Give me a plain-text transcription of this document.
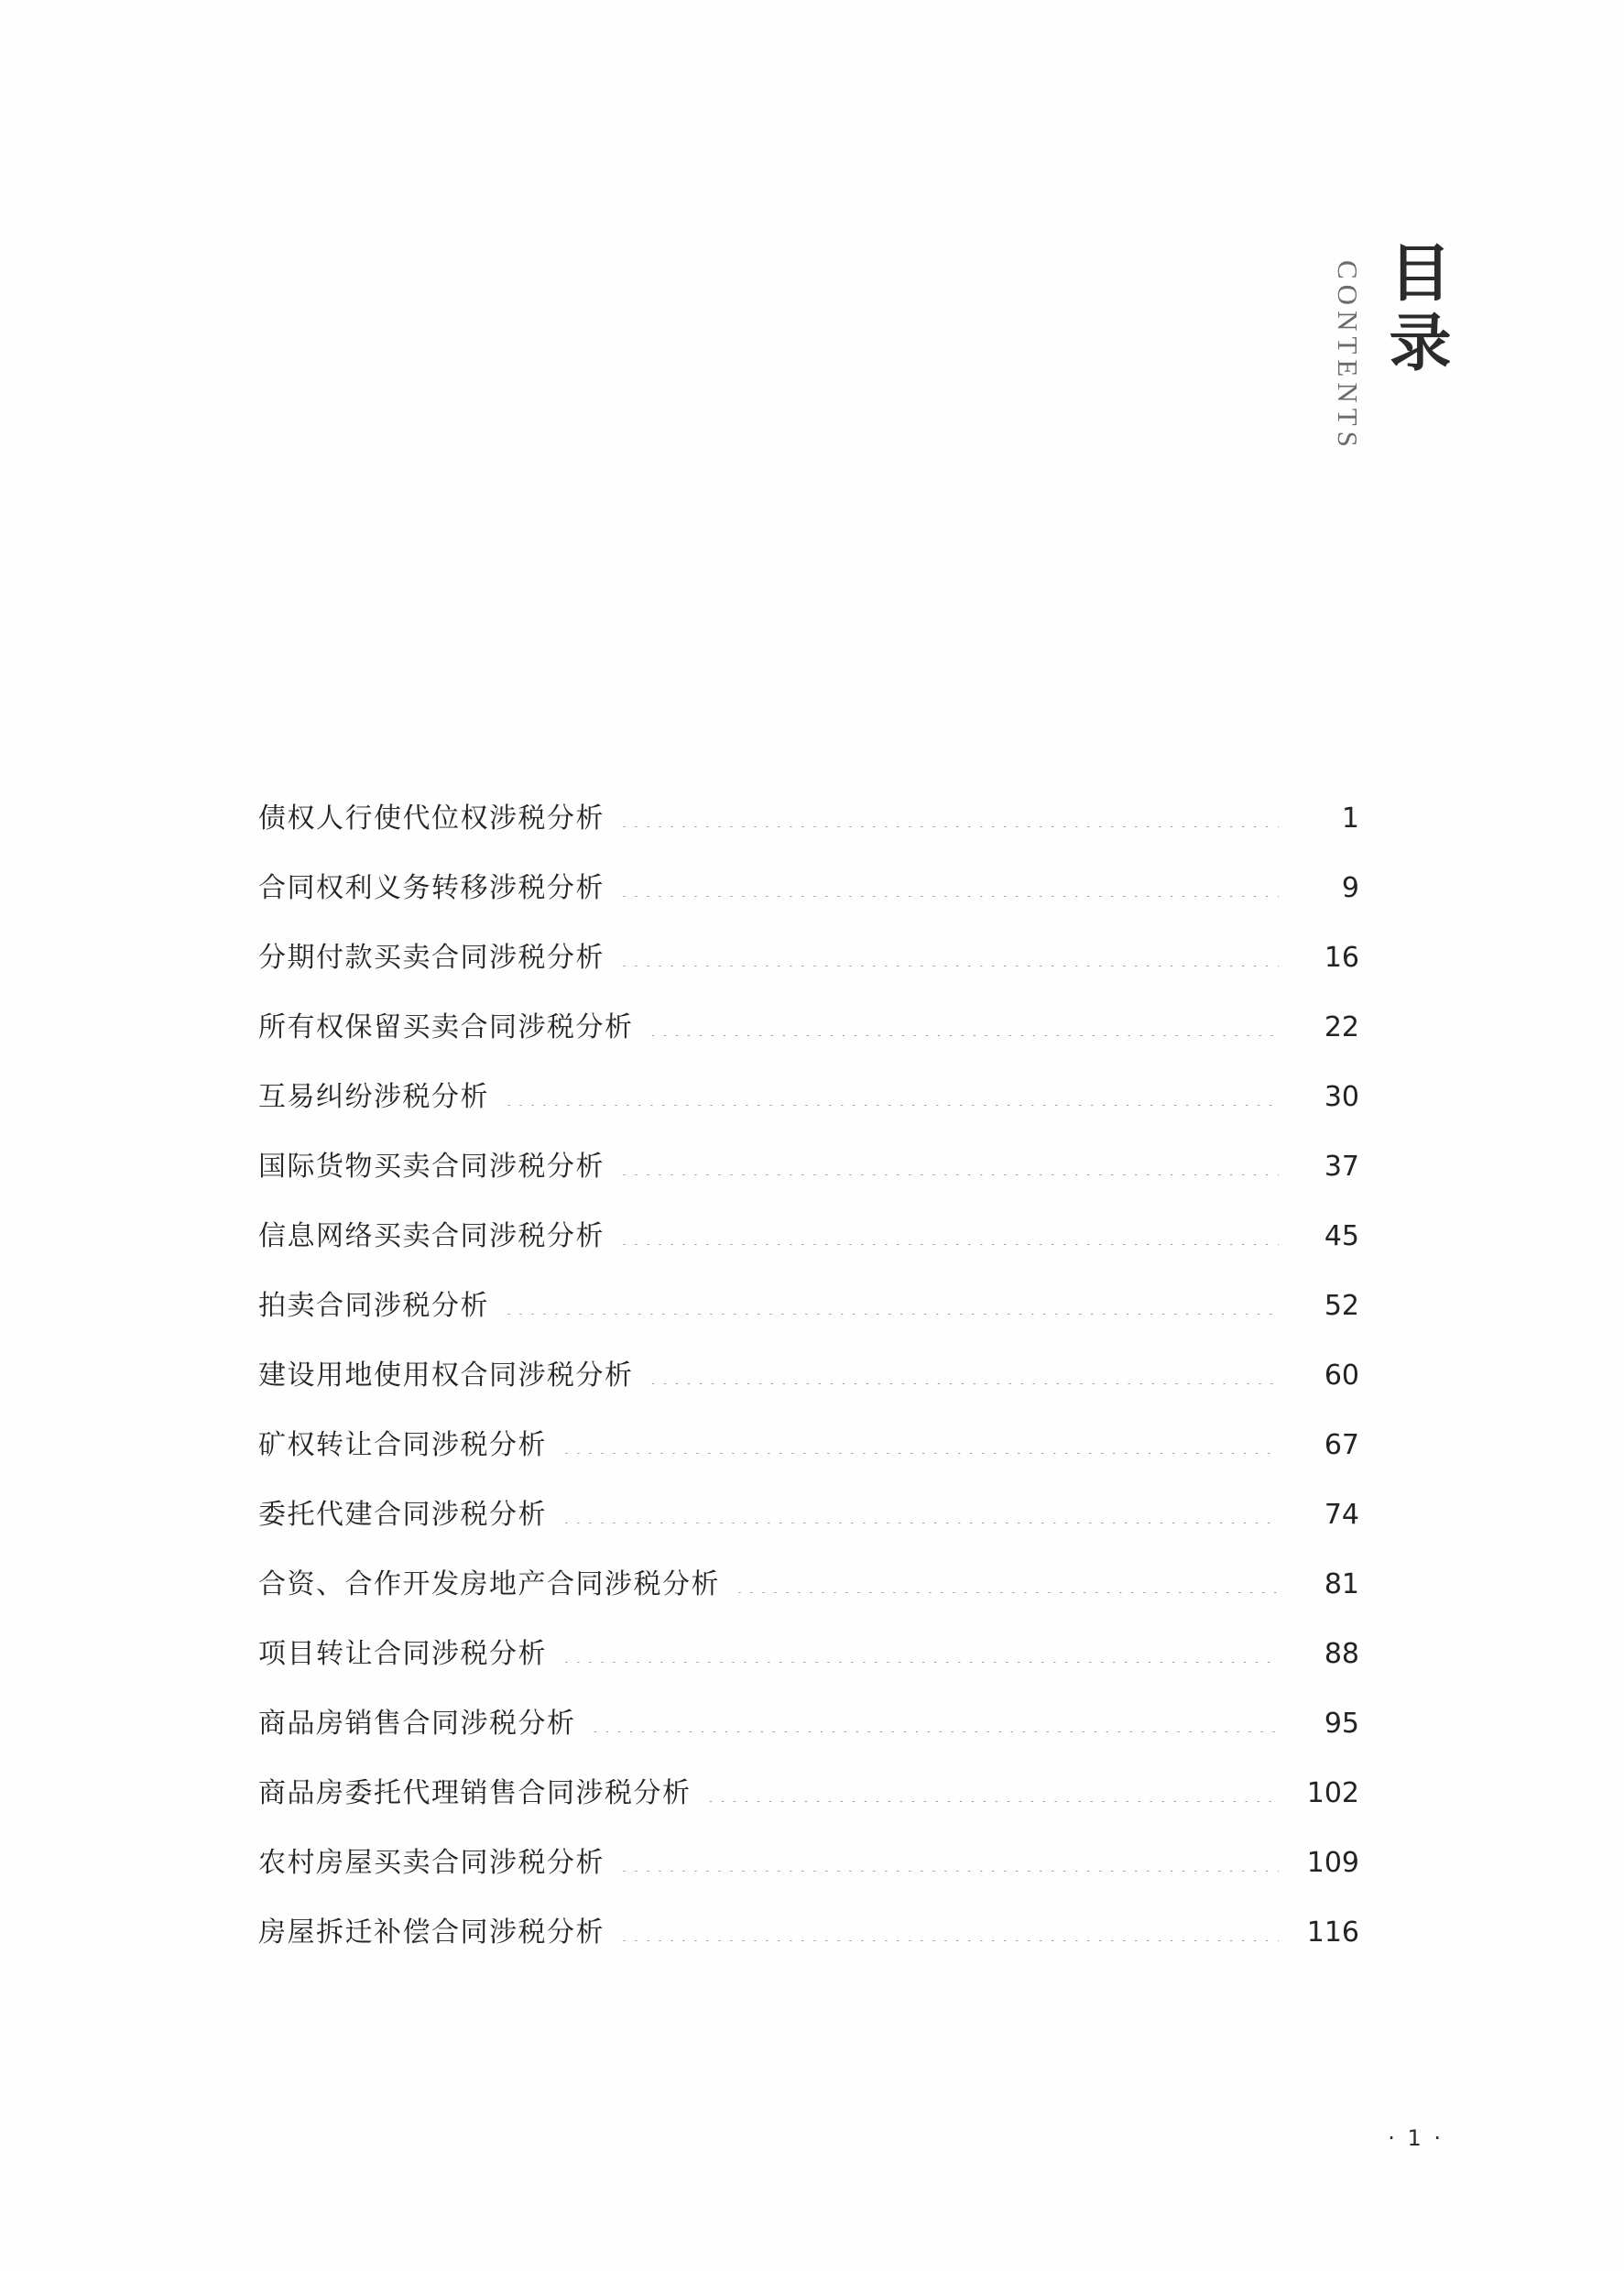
CONTENTS 目录
债权人行使代位权涉税分析 ·····	1
合同权利义务转移涉税分析 ·····	9
分期付款买卖合同涉税分析 ·····	16
所有权保留买卖合同涉税分析 ·····	22
互易纠纷涉税分析 ·····	30
国际货物买卖合同涉税分析 ·····	37
信息网络买卖合同涉税分析 ·····	45
拍卖合同涉税分析 ·····	52
建设用地使用权合同涉税分析 ·····	60
矿权转让合同涉税分析 ·····	67
委托代建合同涉税分析 ·····	74
合资、合作开发房地产合同涉税分析 ·····	81
项目转让合同涉税分析 ·····	88
商品房销售合同涉税分析 ·····	95
商品房委托代理销售合同涉税分析 ·····	102
农村房屋买卖合同涉税分析 ·····	109
房屋拆迁补偿合同涉税分析 ·····	116
· 1 ·
